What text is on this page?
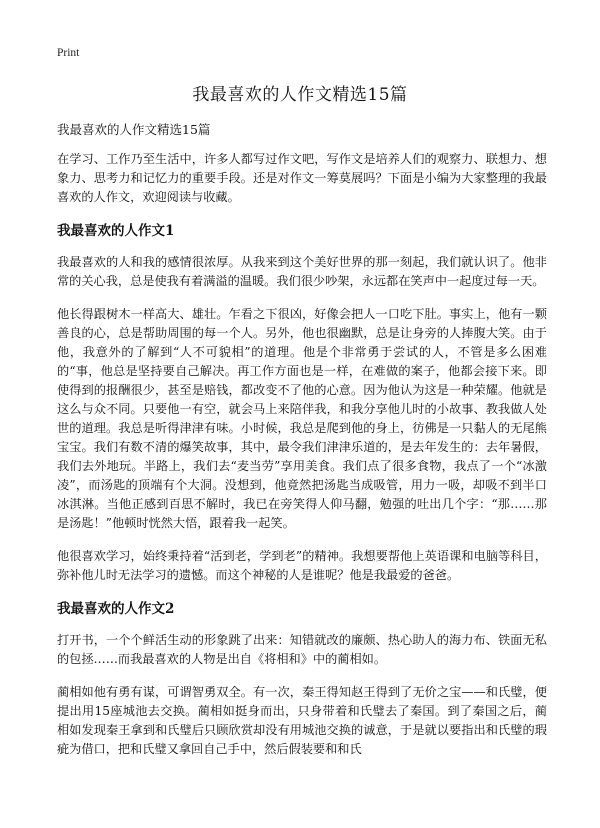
Print
我最喜欢的人作文精选15篇

我最喜欢的人作文精选15篇

在学习、工作乃至生活中，许多人都写过作文吧，写作文是培养人们的观察力、联想力、想象力、思考力和记忆力的重要手段。还是对作文一筹莫展吗？下面是小编为大家整理的我最喜欢的人作文，欢迎阅读与收藏。

我最喜欢的人作文1

我最喜欢的人和我的感情很浓厚。从我来到这个美好世界的那一刻起，我们就认识了。他非常的关心我，总是使我有着满溢的温暖。我们很少吵架，永远都在笑声中一起度过每一天。

他长得跟树木一样高大、雄壮。乍看之下很凶，好像会把人一口吃下肚。事实上，他有一颗善良的心，总是帮助周围的每一个人。另外，他也很幽默，总是让身旁的人捧腹大笑。由于他，我意外的了解到“人不可貌相”的道理。他是个非常勇于尝试的人，不管是多么困难的“事，他总是坚持要自己解决。再工作方面也是一样，在难做的案子，他都会接下来。即使得到的报酬很少，甚至是赔钱，都改变不了他的心意。因为他认为这是一种荣耀。他就是这么与众不同。只要他一有空，就会马上来陪伴我，和我分享他儿时的小故事、教我做人处世的道理。我总是听得津津有味。小时候，我总是爬到他的身上，彷佛是一只黏人的无尾熊宝宝。我们有数不清的爆笑故事，其中，最令我们津津乐道的，是去年发生的：去年暑假，我们去外地玩。半路上，我们去“麦当劳”享用美食。我们点了很多食物，我点了一个“冰激凌”，而汤匙的顶端有个大洞。没想到，他竟然把汤匙当成吸管，用力一吸，却吸不到半口冰淇淋。当他正感到百思不解时，我已在旁笑得人仰马翻，勉强的吐出几个字：“那……那是汤匙！”他顿时恍然大悟，跟着我一起笑。

他很喜欢学习，始终秉持着“活到老，学到老”的精神。我想要帮他上英语课和电脑等科目，弥补他儿时无法学习的遗憾。而这个神秘的人是谁呢？他是我最爱的爸爸。

我最喜欢的人作文2

打开书，一个个鲜活生动的形象跳了出来：知错就改的廉颇、热心助人的海力布、铁面无私的包拯……而我最喜欢的人物是出自《将相和》中的蔺相如。

蔺相如他有勇有谋，可谓智勇双全。有一次，秦王得知赵王得到了无价之宝——和氏璧，便提出用15座城池去交换。蔺相如挺身而出，只身带着和氏璧去了秦国。到了秦国之后，蔺相如发现秦王拿到和氏璧后只顾欣赏却没有用城池交换的诚意，于是就以要指出和氏璧的瑕疵为借口，把和氏璧又拿回自己手中，然后假装要和和氏
